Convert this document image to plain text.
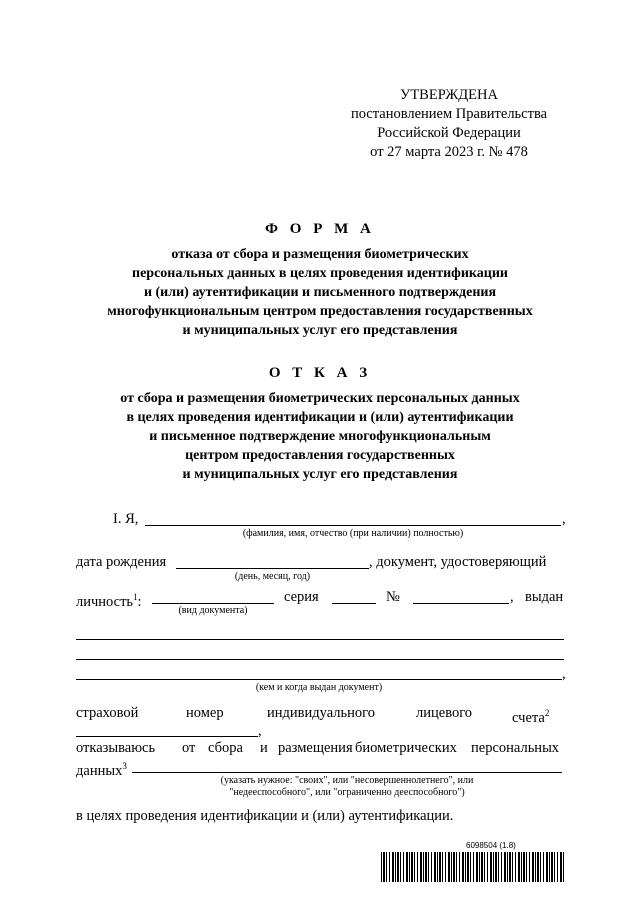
УТВЕРЖДЕНА
постановлением Правительства
Российской Федерации
от 27 марта 2023 г. № 478
Ф О Р М А
отказа от сбора и размещения биометрических
персональных данных в целях проведения идентификации
и (или) аутентификации и письменного подтверждения
многофункциональным центром предоставления государственных
и муниципальных услуг его представления
О Т К А З
от сбора и размещения биометрических персональных данных
в целях проведения идентификации и (или) аутентификации
и письменное подтверждение многофункциональным
центром предоставления государственных
и муниципальных услуг его представления
I. Я,	,
(фамилия, имя, отчество (при наличии) полностью)
дата рождения	, документ, удостоверяющий
(день, месяц, год)
личность$^1$:
(вид документа)
серия	№	, выдан
,
(кем и когда выдан документ)
страховой	номер	индивидуального	лицевого	счета$^2$
,
отказываюсь от сбора и размещения биометрических персональных
данных$^3$
(указать нужное: "своих", или "несовершеннолетнего", или
"недееспособного", или "ограниченно дееспособного")
в целях проведения идентификации и (или) аутентификации.
6098504 (1.8)
